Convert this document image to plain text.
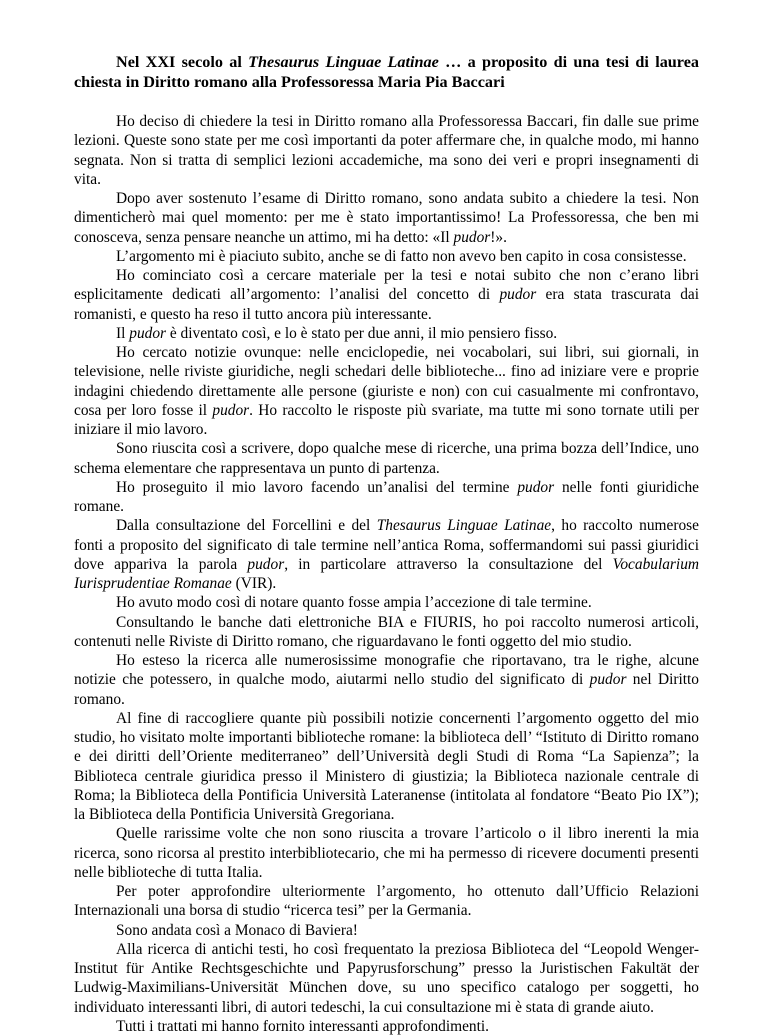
Nel XXI secolo al Thesaurus Linguae Latinae … a proposito di una tesi di laurea chiesta in Diritto romano alla Professoressa Maria Pia Baccari

Ho deciso di chiedere la tesi in Diritto romano alla Professoressa Baccari, fin dalle sue prime lezioni. Queste sono state per me così importanti da poter affermare che, in qualche modo, mi hanno segnata. Non si tratta di semplici lezioni accademiche, ma sono dei veri e propri insegnamenti di vita.

Dopo aver sostenuto l’esame di Diritto romano, sono andata subito a chiedere la tesi. Non dimenticherò mai quel momento: per me è stato importantissimo! La Professoressa, che ben mi conosceva, senza pensare neanche un attimo, mi ha detto: «Il pudor!».

L’argomento mi è piaciuto subito, anche se di fatto non avevo ben capito in cosa consistesse.

Ho cominciato così a cercare materiale per la tesi e notai subito che non c’erano libri esplicitamente dedicati all’argomento: l’analisi del concetto di pudor era stata trascurata dai romanisti, e questo ha reso il tutto ancora più interessante.

Il pudor è diventato così, e lo è stato per due anni, il mio pensiero fisso.

Ho cercato notizie ovunque: nelle enciclopedie, nei vocabolari, sui libri, sui giornali, in televisione, nelle riviste giuridiche, negli schedari delle biblioteche... fino ad iniziare vere e proprie indagini chiedendo direttamente alle persone (giuriste e non) con cui casualmente mi confrontavo, cosa per loro fosse il pudor. Ho raccolto le risposte più svariate, ma tutte mi sono tornate utili per iniziare il mio lavoro.

Sono riuscita così a scrivere, dopo qualche mese di ricerche, una prima bozza dell’Indice, uno schema elementare che rappresentava un punto di partenza.

Ho proseguito il mio lavoro facendo un’analisi del termine pudor nelle fonti giuridiche romane.

Dalla consultazione del Forcellini e del Thesaurus Linguae Latinae, ho raccolto numerose fonti a proposito del significato di tale termine nell’antica Roma, soffermandomi sui passi giuridici dove appariva la parola pudor, in particolare attraverso la consultazione del Vocabularium Iurisprudentiae Romanae (VIR).

Ho avuto modo così di notare quanto fosse ampia l’accezione di tale termine.

Consultando le banche dati elettroniche BIA e FIURIS, ho poi raccolto numerosi articoli, contenuti nelle Riviste di Diritto romano, che riguardavano le fonti oggetto del mio studio.

Ho esteso la ricerca alle numerosissime monografie che riportavano, tra le righe, alcune notizie che potessero, in qualche modo, aiutarmi nello studio del significato di pudor nel Diritto romano.

Al fine di raccogliere quante più possibili notizie concernenti l’argomento oggetto del mio studio, ho visitato molte importanti biblioteche romane: la biblioteca dell’ “Istituto di Diritto romano e dei diritti dell’Oriente mediterraneo” dell’Università degli Studi di Roma “La Sapienza”; la Biblioteca centrale giuridica presso il Ministero di giustizia; la Biblioteca nazionale centrale di Roma; la Biblioteca della Pontificia Università Lateranense (intitolata al fondatore “Beato Pio IX”); la Biblioteca della Pontificia Università Gregoriana.

Quelle rarissime volte che non sono riuscita a trovare l’articolo o il libro inerenti la mia ricerca, sono ricorsa al prestito interbibliotecario, che mi ha permesso di ricevere documenti presenti nelle biblioteche di tutta Italia.

Per poter approfondire ulteriormente l’argomento, ho ottenuto dall’Ufficio Relazioni Internazionali una borsa di studio “ricerca tesi” per la Germania.

Sono andata così a Monaco di Baviera!

Alla ricerca di antichi testi, ho così frequentato la preziosa Biblioteca del “Leopold Wenger-Institut für Antike Rechtsgeschichte und Papyrusforschung” presso la Juristischen Fakultät der Ludwig-Maximilians-Universität München dove, su uno specifico catalogo per soggetti, ho individuato interessanti libri, di autori tedeschi, la cui consultazione mi è stata di grande aiuto.

Tutti i trattati mi hanno fornito interessanti approfondimenti.
